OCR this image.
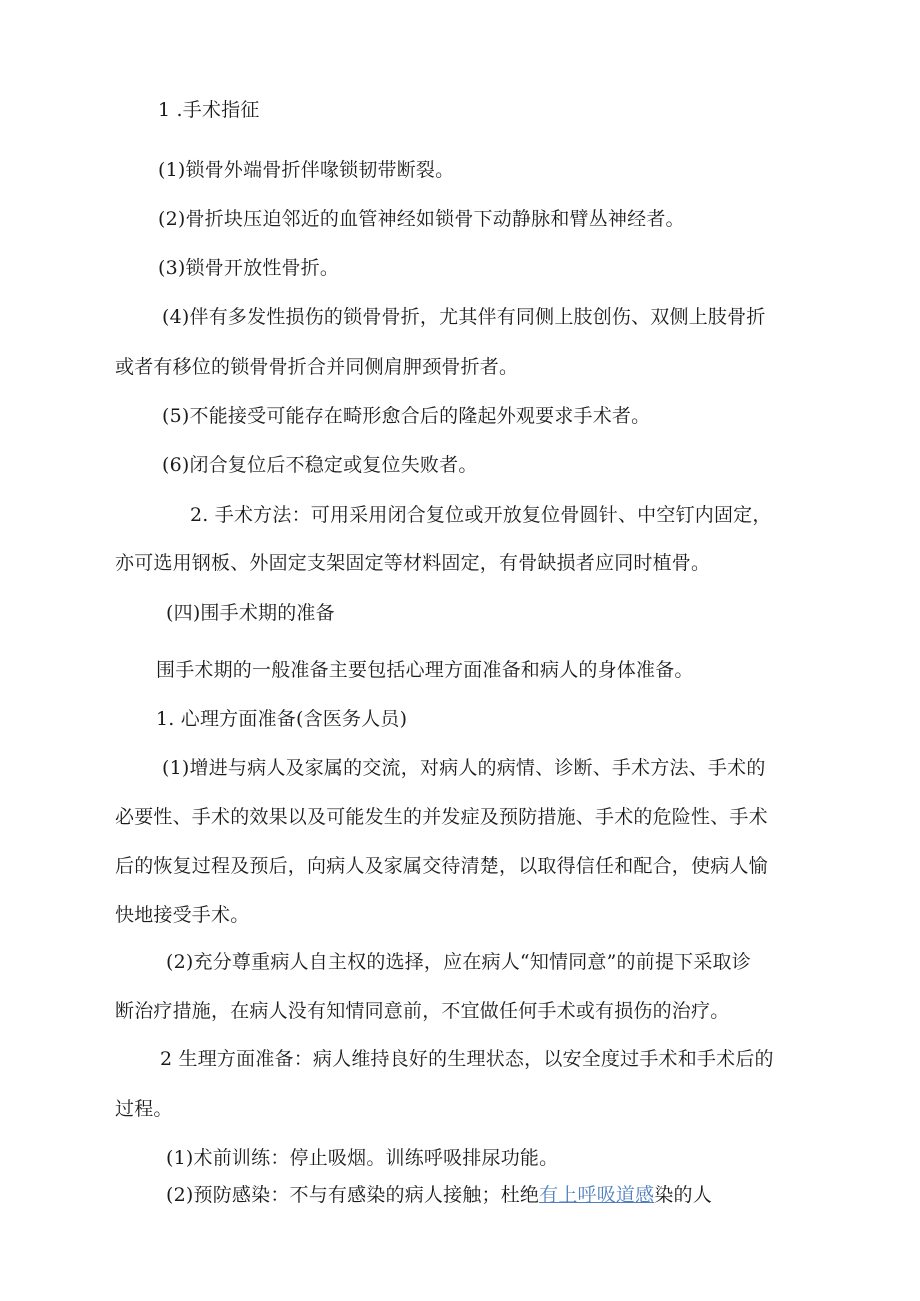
1 .手术指征
(1)锁骨外端骨折伴喙锁韧带断裂。
(2)骨折块压迫邻近的血管神经如锁骨下动静脉和臂丛神经者。
(3)锁骨开放性骨折。
(4)伴有多发性损伤的锁骨骨折，尤其伴有同侧上肢创伤、双侧上肢骨折
或者有移位的锁骨骨折合并同侧肩胛颈骨折者。
(5)不能接受可能存在畸形愈合后的隆起外观要求手术者。
(6)闭合复位后不稳定或复位失败者。
2. 手术方法：可用采用闭合复位或开放复位骨圆针、中空钉内固定，
亦可选用钢板、外固定支架固定等材料固定，有骨缺损者应同时植骨。
(四)围手术期的准备
围手术期的一般准备主要包括心理方面准备和病人的身体准备。
1. 心理方面准备(含医务人员)
(1)增进与病人及家属的交流，对病人的病情、诊断、手术方法、手术的
必要性、手术的效果以及可能发生的并发症及预防措施、手术的危险性、手术
后的恢复过程及预后，向病人及家属交待清楚，以取得信任和配合，使病人愉
快地接受手术。
(2)充分尊重病人自主权的选择，应在病人“知情同意”的前提下采取诊
断治疗措施，在病人没有知情同意前，不宜做任何手术或有损伤的治疗。
2 生理方面准备：病人维持良好的生理状态，以安全度过手术和手术后的
过程。
(1)术前训练：停止吸烟。训练呼吸排尿功能。
(2)预防感染：不与有感染的病人接触；杜绝有上呼吸道感染的人
